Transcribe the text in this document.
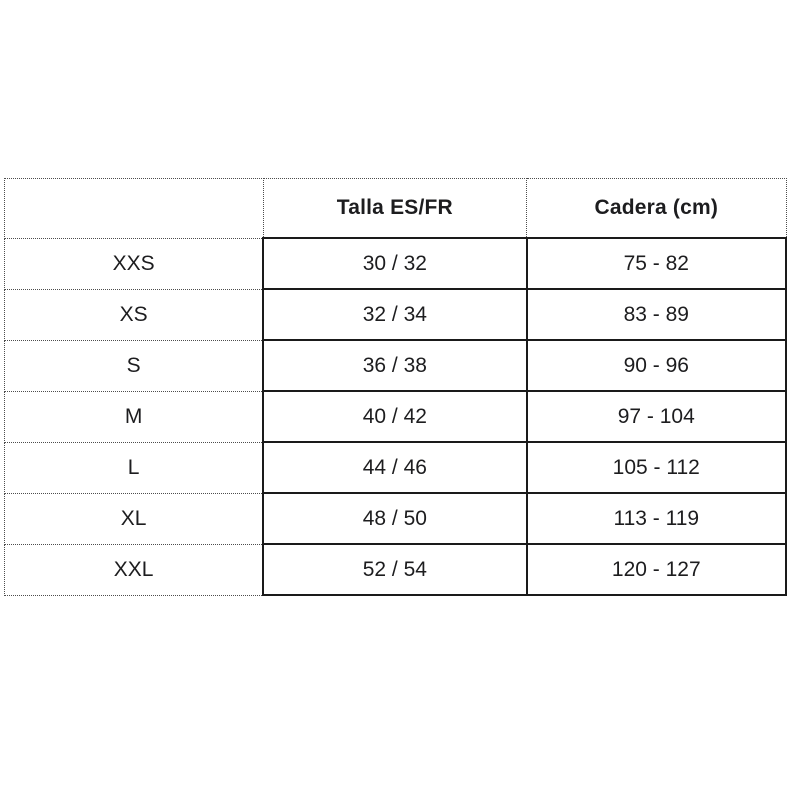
	Talla ES/FR	Cadera (cm)
XXS	30 / 32	75 - 82
XS	32 / 34	83 - 89
S	36 / 38	90 - 96
M	40 / 42	97 - 104
L	44 / 46	105 - 112
XL	48 / 50	113 - 119
XXL	52 / 54	120 - 127
